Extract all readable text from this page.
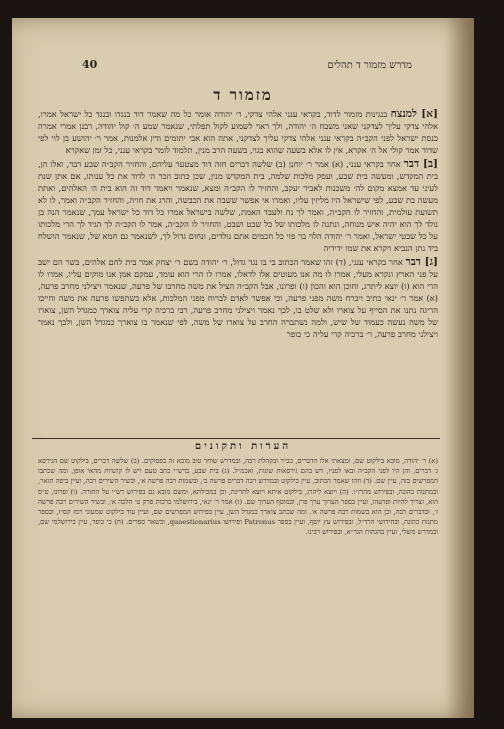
מדרש מזמור ד תהלים
40
מזמור ד

[א] למנצח בנגינות מזמור לדוד, בקראי ענני אלהי צדקי, ר׳ יהודה אומר כל מה שאמר דוד בנגדו ובנגד כל ישראל אמרו, אלהי צדקי עליך לצדקני שאני משבח ה׳ יהודה, ולך ראוי לשמוע לקול תפלתי, שנאמר שמע ה׳ קול יהודה, רבנן אמרי אמרה כנסת ישראל לפני הקב״ה בקראי ענני אלהי צדקי עליך לצדקני, אתה הוא אבי יתומים ודין אלמנות, אמר ר׳ יהושע בן לוי לפי שדוד אמר קולי אל ה׳ אקרא, אין לו אלא בשעה שהוא בגוי, בשעה הרב מנין, תלמוד לומר בקראי ענני, כל זמן שאקרא

[ב] דבר אחר בקראי ענני, (א) אמר ר׳ יוחנן (ב) שלשה דברים חזה דוד מצטער עליהם, והחזיר הקב״ה שבע דבר, ואלו הן, בית המקדש, ומעשה בית שבע, ועסק מלכות שלמה, בית המקדש מנין, שכן כתוב וזכר ה׳ לדוד את כל ענותו, אם אתן שנת לעיני עד אמצא מקום לה׳ משכנות לאביר יעקב, והחזיר לו הקב״ה ומצא, שנאמר ויאמר דוד זה הוא בית ה׳ האלהים, ואתת מעשה בת שבע, לפי שישראל היו מליזין עליו, ואמרו אי אפשר ששבה את הכבשה, והרג את חויה, והחזיר הקב״ה ואמר, לו לא תשועת עולמית, והחזיר לו הקב״ה, ואמר לך נח ולעבד האמת, שלשה בישראל אמרו כל דוד כל ישראל עמך, שנאמר הנה בן נולד לך הוא יהיה איש מנוחה, ונתנה לו מלכותו של כל שבט ושבט, והחזיר לו הקב״ה, אמר לו הקב״ה לך הגיד לך הרי מלכותו על כל שבטי ישראל, ואמר ר׳ יהודה הלוי בר פזי כל חכמים אתם נולדים, ונחום גדול לך, לשנאמר גם חמא של, שנאמר הושלח ביד נתן הנביא ויקרא את שמו ידידיה

[ג] דבר אחר בקראי ענני, (ד) זהו שאמר הכתוב בי בו נגד גדול, ר׳ יהודה בשם ר׳ יצחק אמר בית לחם אלהים, בשר הם ישב על פני הארץ ונקרא מעלי, אמרו לו מה אנו מעוטים אלו לדאלו, אמרו לו הרי הוא עומד, עמקם אמן אנו מוקים עליו, אמרו לו הרי הוא (ו) יוצא ליתרג, וחוכן הוא והכון (ו) ופרונו, אבל הקב״ה הציל את משה מחרבו של פרעה, שנאמר ויצילני מחרב פרעה, (א) אמר ר׳ ינאי כתיב ויברח משה מפני פרעה, וכי אפשר לאדם לברוח מפני המלכות, אלא כשתפשו פרעה את משה וחייבו הריגה נתנו את הסייף על צוארו ולא שלט בו, לכך נאמר ויצילני מחרב פרעה, רבי ברכיה קרי עליה צוארך כמגדל השן, צוארו של משה נעשה כעמוד של שיש, ולמה נשתברה החרב על צוארו של משה, לפי שנאמר בו צוארך כמגדל השן, ולכך נאמר ויצילני מחרב פרעה, ר׳ ברכיה קרי עליה כי כופר

הערות ותקונים
(א) ר׳ יהודה, מובא בילקוט שם, ומצאתי אלו הדברים, בב״ר ובקהלת רבה, ובמדרש שוחר טוב מובא זה בפסוקים. (ב) שלשה דברים, בילקוט שם הגירסא ג׳ דברים, והן היו לפני הקב״ה ובאו לפניו, ויש בהם גירסאות שונות, ואכמ״ל. (ג) בית שבע, ברש״י כתב טעם ויש לו קושיות מהאי אופן, ומה שכתבו המפרשים בזה, עיין שם. (ד) וזהו שאמר הכתוב, עיין בילקוט ובמדרש רבה דברים פרשה ב׳, ובשמות רבה פרשה א׳, ובשיר השירים רבה, ועיין ביפה תואר, ובמתנות כהונה, ובפירוש מהרז״ו. (ה) ויוצא ליהרג, בילקוט איתא ויוצא להריגה, וכן במכילתא, ומשם מובא גם בפירוש רש״י על התורה. (ו) ופרונו, ט״ס הוא, וצריך להיות ופרעהו, ועיין בספר הערוך ערך פרן, ובמוסף הערוך שם. (ז) אמר ר׳ ינאי, בירושלמי ברכות פרק ט׳ הלכה א׳, ובשיר השירים רבה פרשה ז׳, ובדברים רבה, וכן הוא בשמות רבה פרשה א׳. ומה שכתב צוארך כמגדל השן, עיין בפירוש המפרשים שם, ועיין עוד בילקוט שמעוני רמז קס״ז, ובספר מתנות כהונה, ובחידושי הרד״ל, ובפירוש עץ יוסף, ועיין בספר Patronus ופירושו quaestionarius, ובשאר ספרים. (ח) כי כופר, עיין בירושלמי שם, ובמדרש משלי, ועיין בהגהות הגר״א, ובפירוש רבינו.
